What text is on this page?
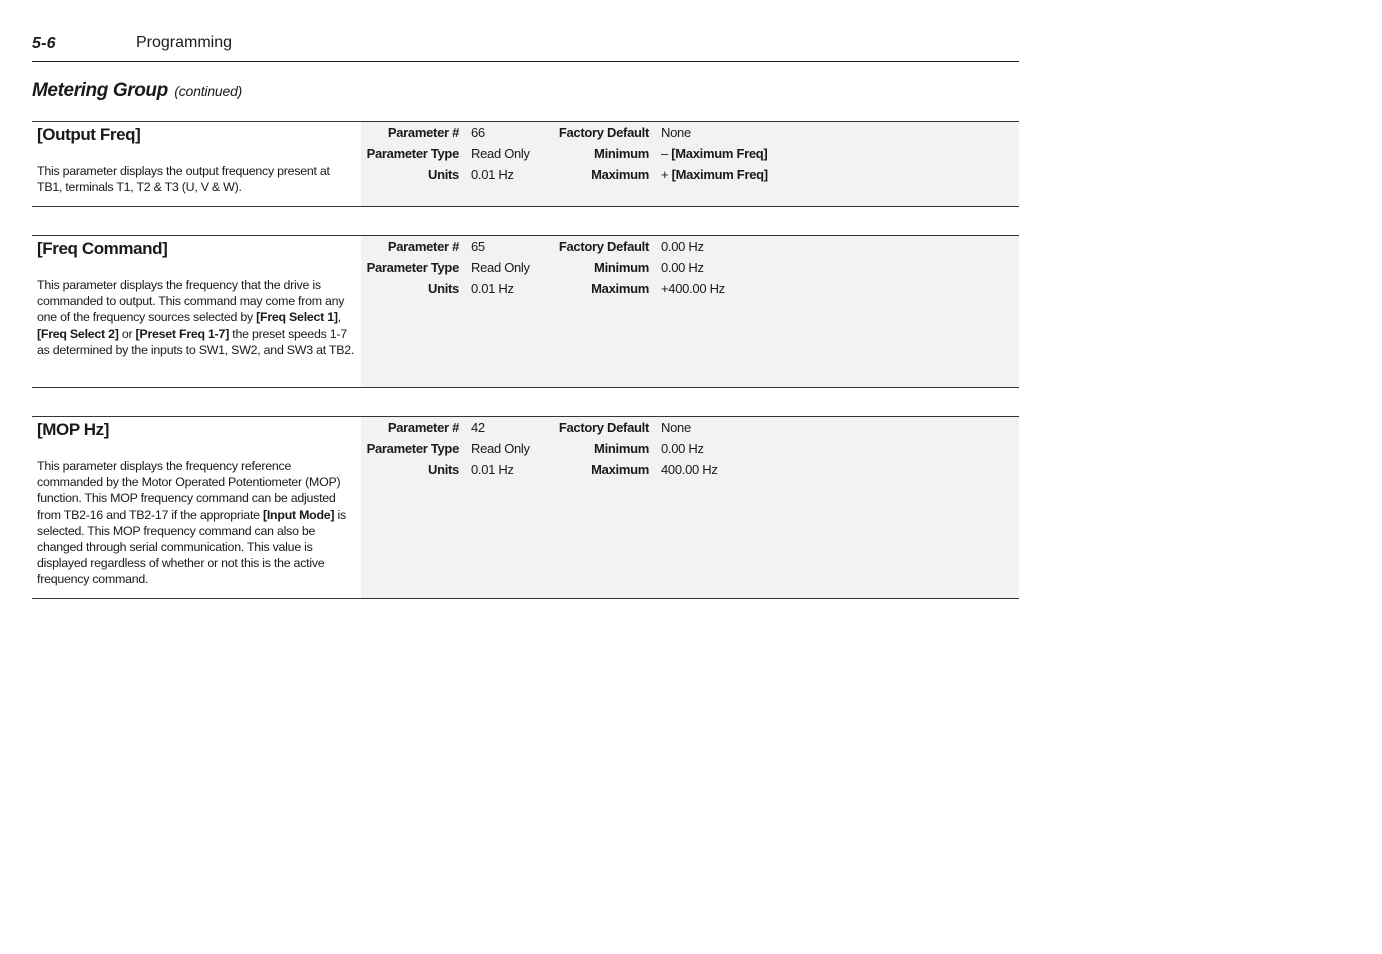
5-6	Programming
Metering Group (continued)
[Output Freq]
This parameter displays the output frequency present at TB1, terminals T1, T2 & T3 (U, V & W).
Parameter # 66	Factory Default None
Parameter Type Read Only	Minimum – [Maximum Freq]
Units 0.01 Hz	Maximum + [Maximum Freq]
[Freq Command]
This parameter displays the frequency that the drive is commanded to output. This command may come from any one of the frequency sources selected by [Freq Select 1], [Freq Select 2] or [Preset Freq 1-7] the preset speeds 1-7 as determined by the inputs to SW1, SW2, and SW3 at TB2.
Parameter # 65	Factory Default 0.00 Hz
Parameter Type Read Only	Minimum 0.00 Hz
Units 0.01 Hz	Maximum +400.00 Hz
[MOP Hz]
This parameter displays the frequency reference commanded by the Motor Operated Potentiometer (MOP) function. This MOP frequency command can be adjusted from TB2-16 and TB2-17 if the appropriate [Input Mode] is selected. This MOP frequency command can also be changed through serial communication. This value is displayed regardless of whether or not this is the active frequency command.
Parameter # 42	Factory Default None
Parameter Type Read Only	Minimum 0.00 Hz
Units 0.01 Hz	Maximum 400.00 Hz
